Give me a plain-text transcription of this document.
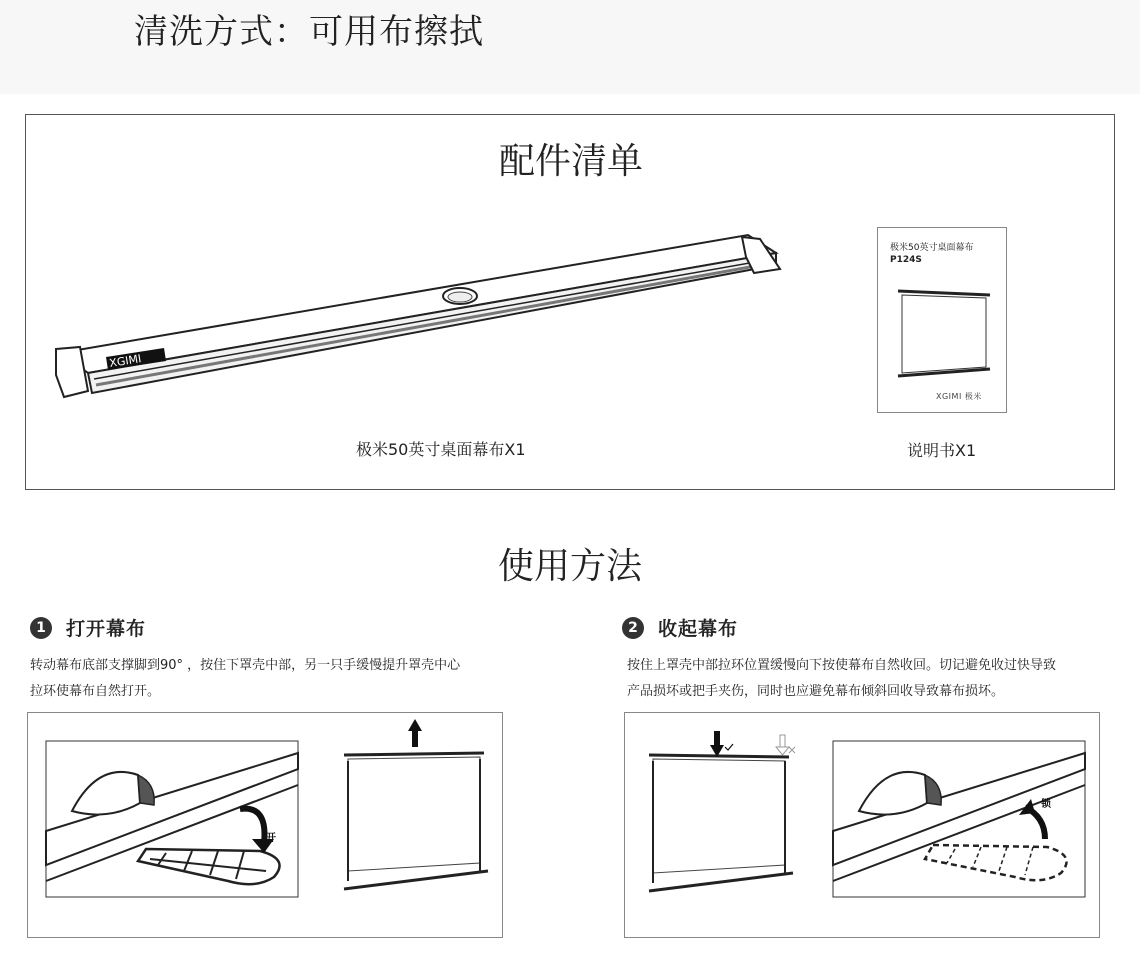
清洗方式：可用布擦拭
配件清单
XGIMI
极米50英寸桌面幕布X1
极米50英寸桌面幕布
P124S
XGIMI 极米
说明书X1
使用方法
1	打开幕布
转动幕布底部支撑脚到90° ，按住下罩壳中部，另一只手缓慢提升罩壳中心
拉环使幕布自然打开。
开
2	收起幕布
按住上罩壳中部拉环位置缓慢向下按使幕布自然收回。切记避免收过快导致
产品损坏或把手夹伤，同时也应避免幕布倾斜回收导致幕布损坏。
锁
